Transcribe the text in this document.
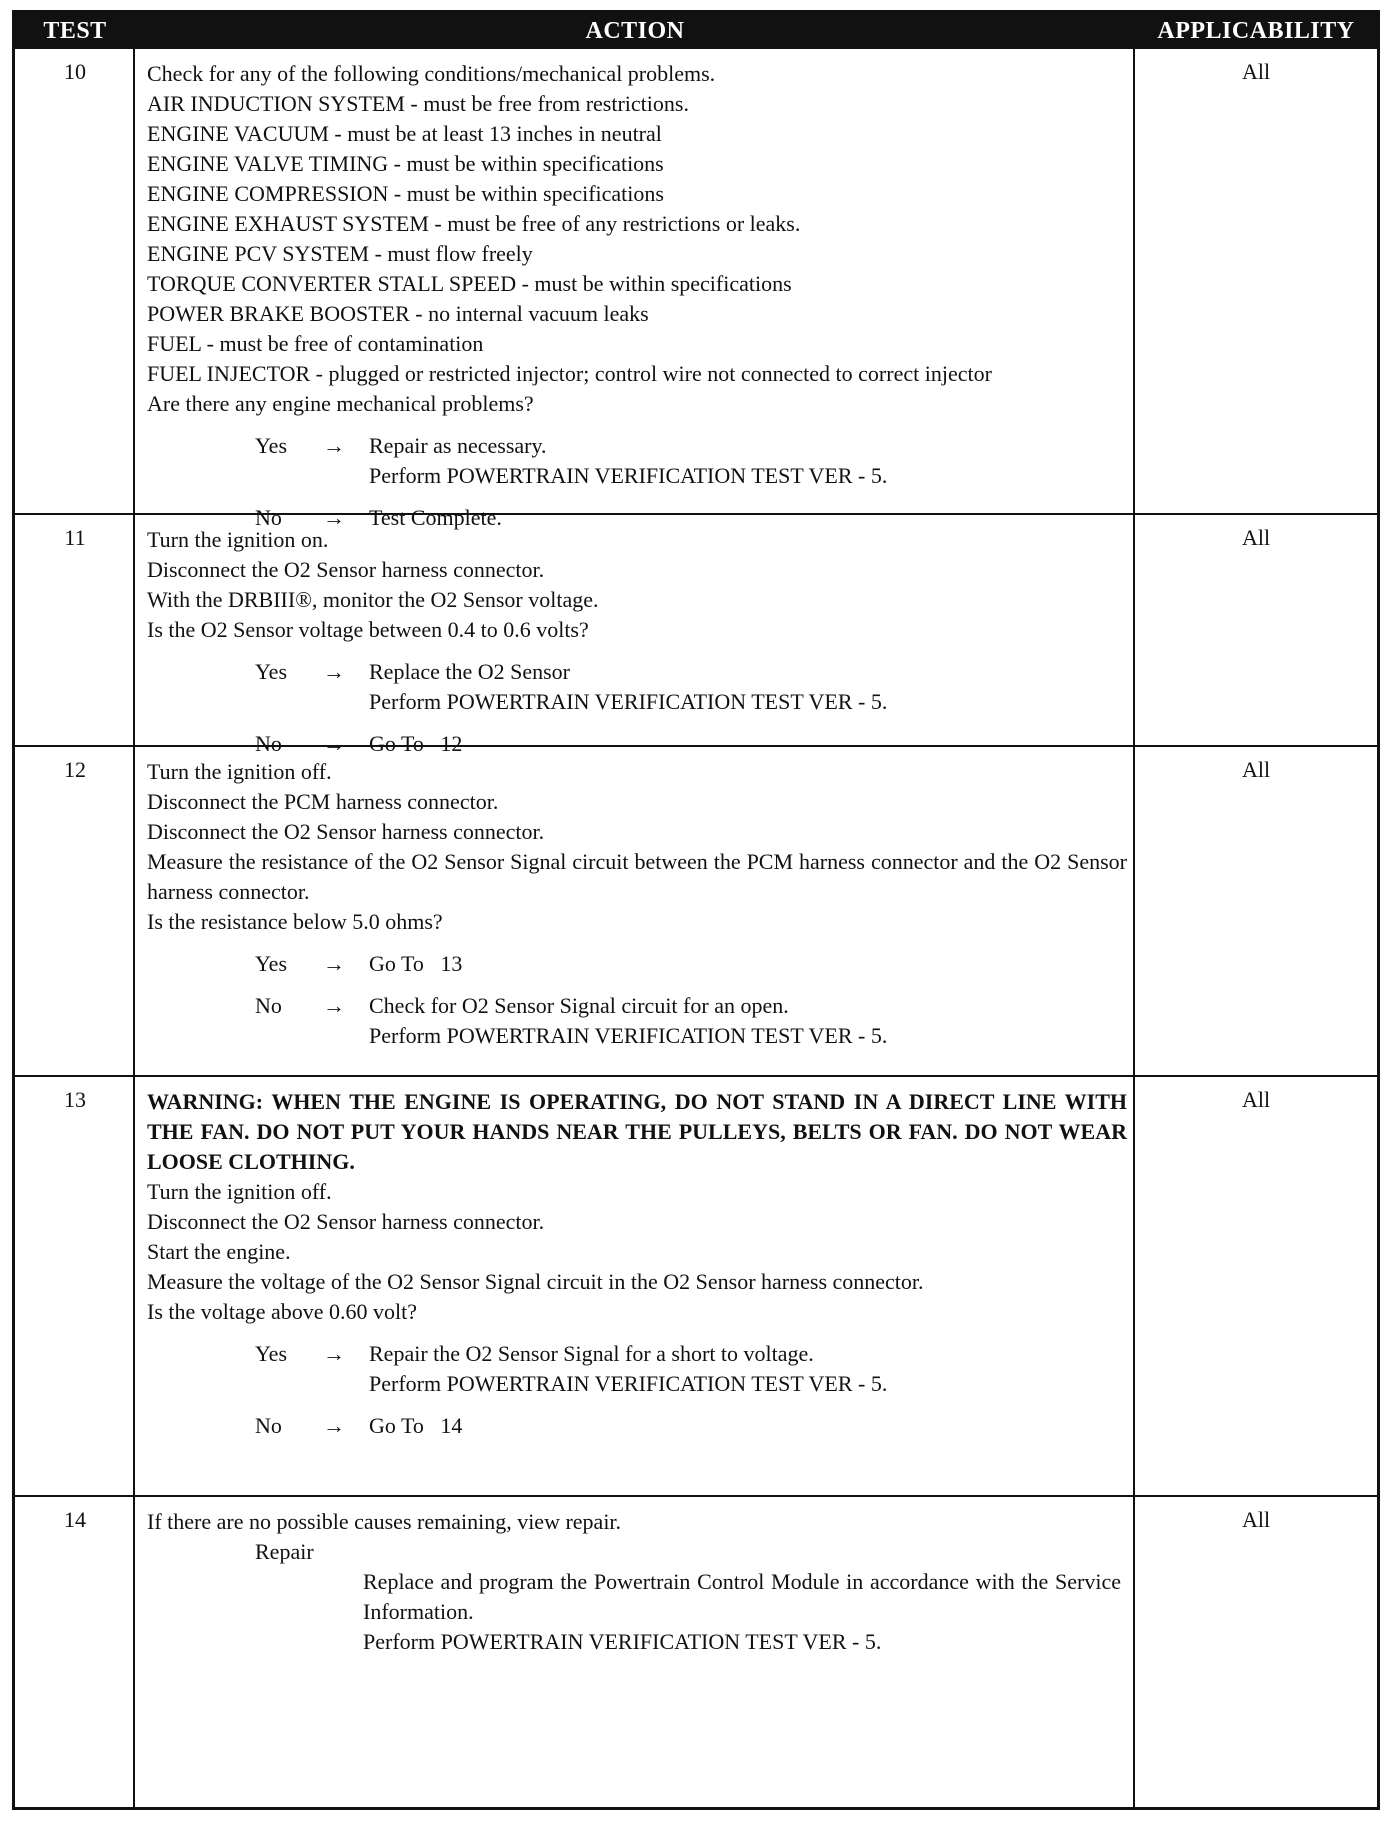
TEST	ACTION	APPLICABILITY
10	Check for any of the following conditions/mechanical problems.

AIR INDUCTION SYSTEM - must be free from restrictions.

ENGINE VACUUM - must be at least 13 inches in neutral

ENGINE VALVE TIMING - must be within specifications

ENGINE COMPRESSION - must be within specifications

ENGINE EXHAUST SYSTEM - must be free of any restrictions or leaks.

ENGINE PCV SYSTEM - must flow freely

TORQUE CONVERTER STALL SPEED - must be within specifications

POWER BRAKE BOOSTER - no internal vacuum leaks

FUEL - must be free of contamination

FUEL INJECTOR - plugged or restricted injector; control wire not connected to correct injector

Are there any engine mechanical problems?

Yes → Repair as necessary.

Perform POWERTRAIN VERIFICATION TEST VER - 5.

No → Test Complete.
All
11	Turn the ignition on.

Disconnect the O2 Sensor harness connector.

With the DRBIII®, monitor the O2 Sensor voltage.

Is the O2 Sensor voltage between 0.4 to 0.6 volts?

Yes → Replace the O2 Sensor

Perform POWERTRAIN VERIFICATION TEST VER - 5.

No → Go To   12
All
12	Turn the ignition off.

Disconnect the PCM harness connector.

Disconnect the O2 Sensor harness connector.

Measure the resistance of the O2 Sensor Signal circuit between the PCM harness connector and the O2 Sensor harness connector.

Is the resistance below 5.0 ohms?

Yes → Go To   13
No → Check for O2 Sensor Signal circuit for an open.

Perform POWERTRAIN VERIFICATION TEST VER - 5.

All
13	WARNING: WHEN THE ENGINE IS OPERATING, DO NOT STAND IN A DIRECT LINE WITH THE FAN. DO NOT PUT YOUR HANDS NEAR THE PULLEYS, BELTS OR FAN. DO NOT WEAR LOOSE CLOTHING.

Turn the ignition off.

Disconnect the O2 Sensor harness connector.

Start the engine.

Measure the voltage of the O2 Sensor Signal circuit in the O2 Sensor harness connector.

Is the voltage above 0.60 volt?

Yes → Repair the O2 Sensor Signal for a short to voltage.

Perform POWERTRAIN VERIFICATION TEST VER - 5.

No → Go To   14
All
14	If there are no possible causes remaining, view repair.

Repair

Replace and program the Powertrain Control Module in accordance with the Service Information.

Perform POWERTRAIN VERIFICATION TEST VER - 5.

All
